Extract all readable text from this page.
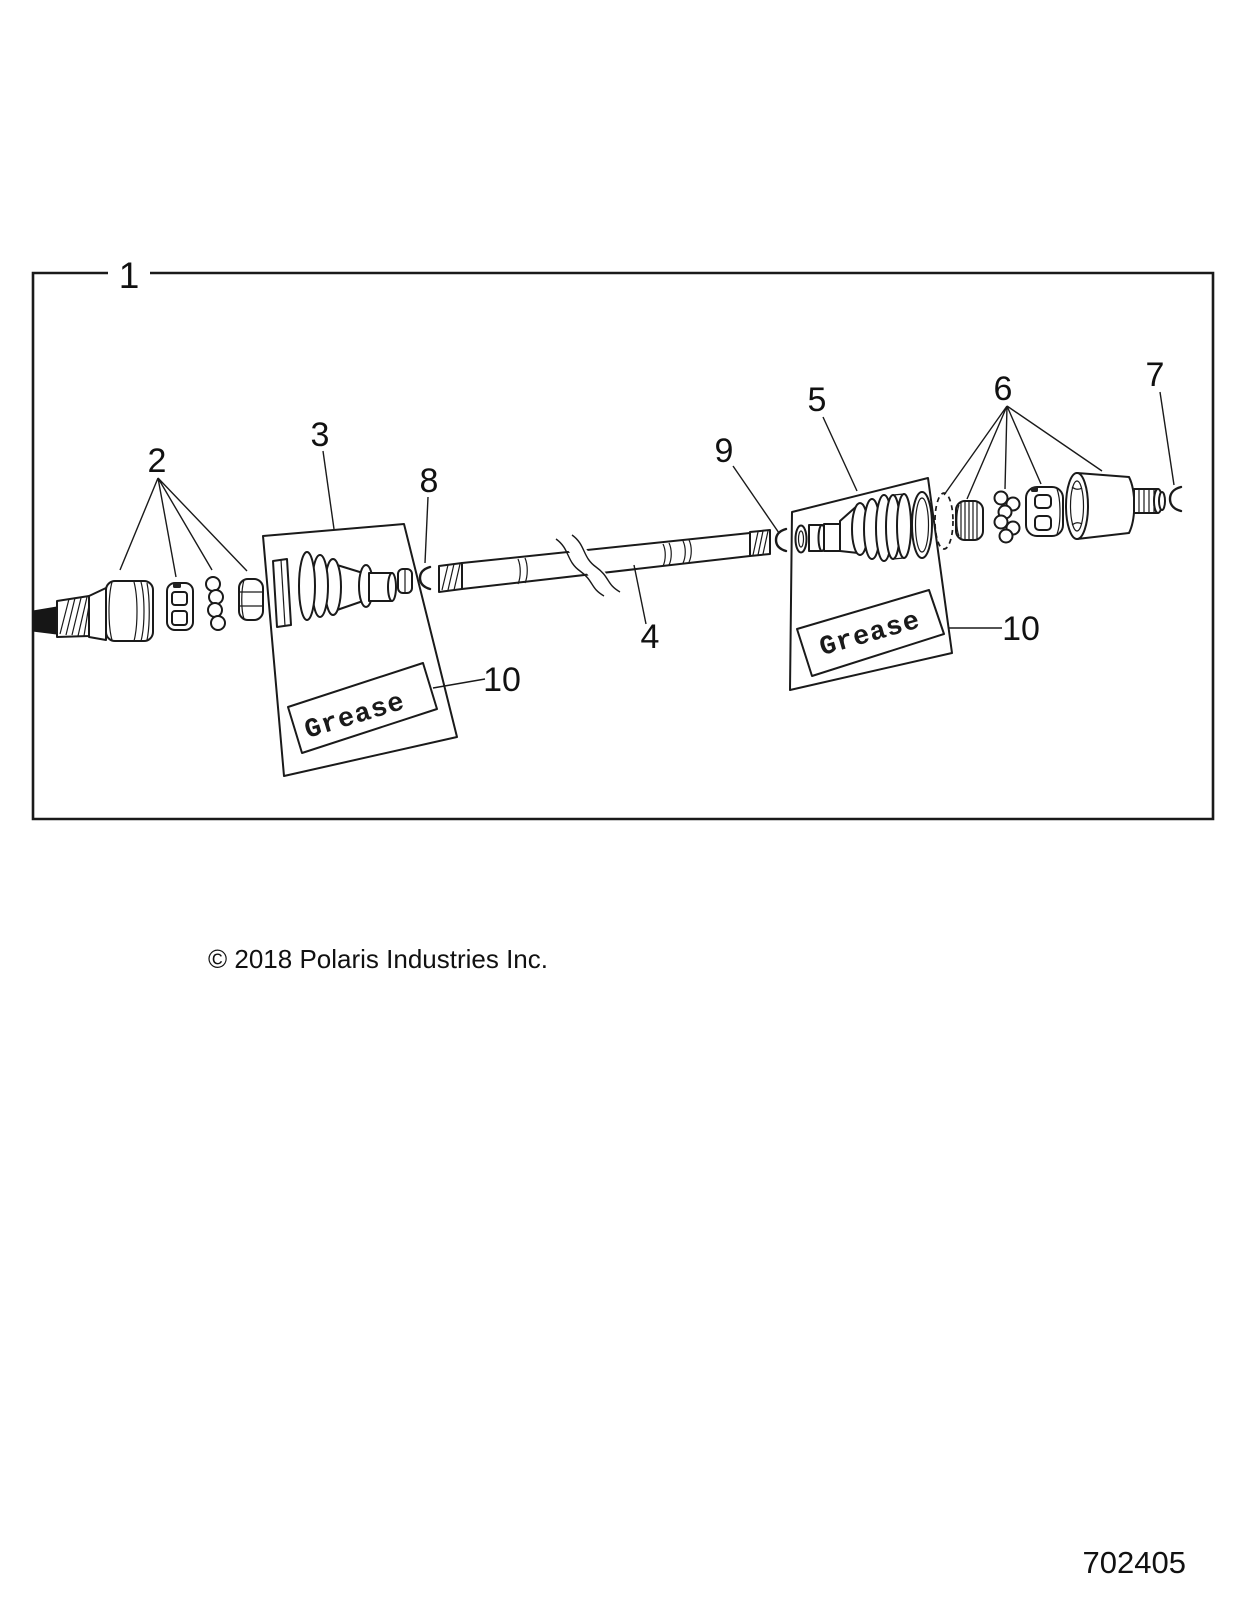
1
2
Grease
3
10
8
4
9
Grease
5
10
6	7
© 2018 Polaris Industries Inc.
702405
